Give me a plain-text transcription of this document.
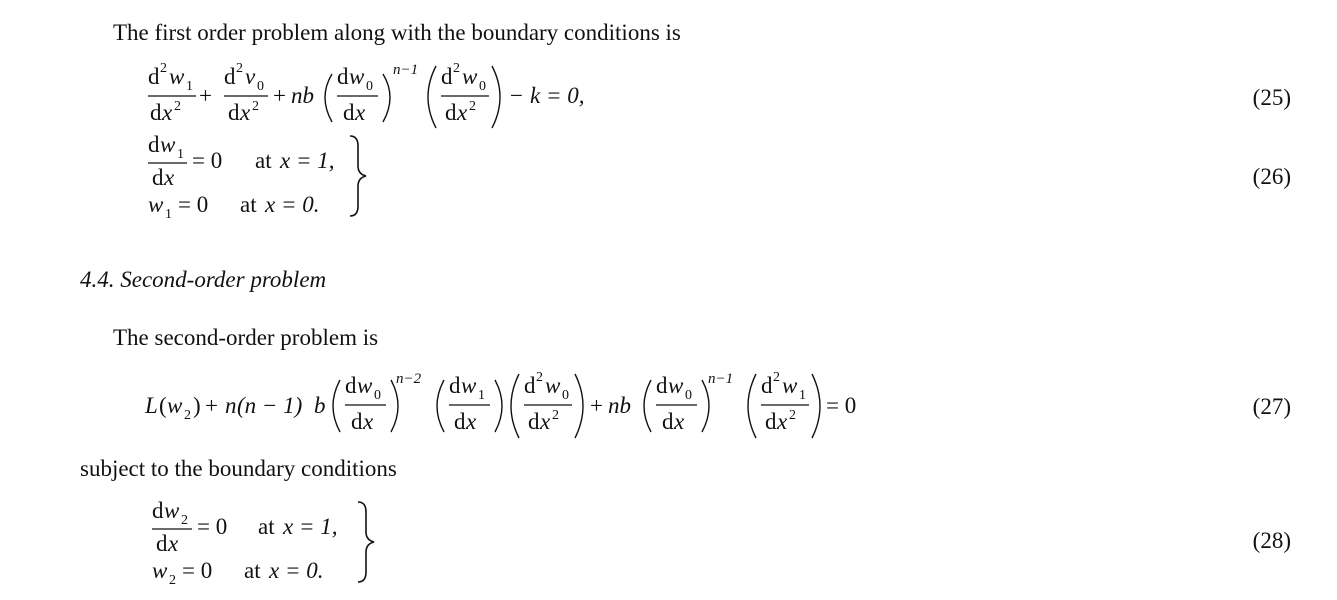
The first order problem along with the boundary conditions is
d 2 w 1
d x 2 +
d 2 v 0
d x 2 + nb
d w 0
d x
n−1 d 2 w 0
d x 2 − k = 0,	(25)
d w 1
d x
= 0 at x = 1,
w 1 = 0 at x = 0.
(26)
4.4. Second-order problem
The second-order problem is
L ( w 2 ) + n (n − 1) b
d w 0
d x
n−2 d w 1
d x
d 2 w 0
d x 2 + nb
d w 0
d x
n−1 d 2 w 1
d x 2 = 0	(27)
subject to the boundary conditions
d w 2
d x
= 0 at x = 1,
w 2 = 0 at x = 0.
(28)
